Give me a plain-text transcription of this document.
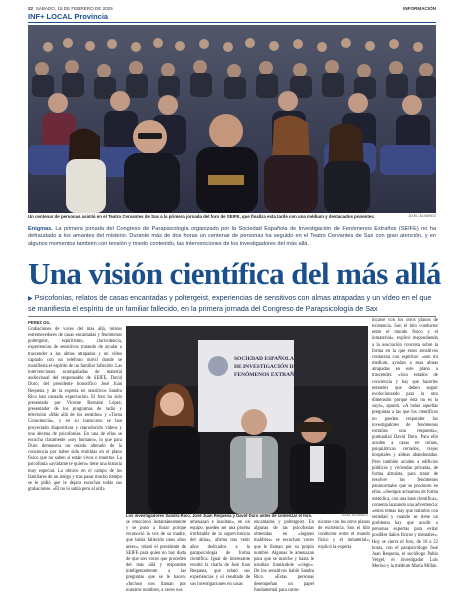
22 SÁBADO, 15 DE FEBRERO DE 2025	INFORMACIÓN
INF+ LOCAL Provincia
Un centenar de personas asistió en el Teatro Cervantes de Sax a la primera jornada del foro de SEIFE, que finaliza esta tarde con una médium y destacados ponentes.	AXEL ÁLVAREZ
Enigmas. La primera jornada del Congreso de Parapsicología organizado por la Sociedad Española de Investigación de Fenómenos Extraños (SEIFE) no ha defraudado a los amantes del misterio. Durante más de dos horas un centenar de personas ha seguido en el Teatro Cervantes de Sax con gran atención, y en algunos momentos también con tensión y miedo contenido, las intervenciones de los investigadores del más allá.
Una visión científica del más allá
▶ Psicofonías, relatos de casas encantadas y poltergeist, experiencias de sensitivos con almas atrapadas y un vídeo en el que se manifiesta el espíritu de un familiar fallecido, en la primera jornada del Congreso de Parapsicología de Sax
PEREZ GIL

Grabaciones de voces del más allá, relatos estremecedores de casas encantadas y fenómenos poltergeist, espiritismo, clarividencia, experiencias de sensitivos tratando de ayudar a trascender a las almas atrapadas y un vídeo captado con un teléfono móvil donde se manifiesta el espíritu de un familiar fallecido. Las intervenciones acompañadas de material audiovisual del responsable de SEIFE, David Duro; del presidente honorífico José Juan Requena y de la experta en sensitivos Sandra Rico han causado expectación. El foro ha sido presentado por Vicente Bernabé López, presentador de los programas de radio y televisión «Más allá de los sentidos» y «Toma Consciencia», y en su transcurso se han proyectado diapositivas y reproducido vídeos y una decena de psicofonías. En una de ellas se escucha claramente «soy humano», lo que para Duro demuestra un estado alterado de la conciencia por haber sido emitidas en el plano físico que no saben si están vivos o muertos. La psicofonía «ayúdame te quiero» tiene una historia muy especial. La obtuvo en el campo de los familiares de un amigo y tras pasar mucho tiempo se le pidió que le dejara escuchar todas sus grabaciones. «Él no lo sabía pero al oírla

SOCIEDAD ESPAÑOLA
DE INVESTIGACIÓN DE
FENÓMENOS EXTRAÑOS
Los investigadores Sandra Rico, José Juan Requena y David Duro antes de comenzar el foro.	AXEL ÁLVAREZ

se emocionó instantáneamente y se puso a llorar porque reconoció la voz de su madre, que había fallecido unos años antes», relató el presidente de SEIFE para quien no hay duda de que son voces que proceden del más allá y responden inteligentemente a las preguntas que se le hacen. «Incluso nos llaman por nuestros nombres, a veces nos

amenazan e insultan», en un equipo, pueden ser una prueba irrefutable de la supervivencia del alma», afirma tras venir años dedicados a la parapsicología de forma científica. Igual de interesante resultó la charla de José Juan Requena, que relató sus experiencias y el resultado de sus investigaciones en casas

encantadas y poltergeist. En algunas de las psicofonías obtenidas en «lugares malditos» se escuchan voces que le llaman por su propio nombre. Algunas le amenazan para que se marche y hasta le insultan llamándole «ciego». De los sensitivos habló Sandra Rico. «Estas personas desempeñan un papel fundamental para comu-

nicarse con los otros planos de existencia. Son el hilo conductor entre el mundo físico y el inmaterial», explicó la experta

nicarse con los otros planos de existencia. Son el hilo conductor entre el mundo físico y el inmaterial», explicó respondiendo a la asociación concreta sobre la forma en la que estos sensitivos contactan con espíritus: «son mi medium, ayudan a esas almas atrapadas en este plano a trascender. «Son estados de conciencia y hay que hacerles entender que deben seguir evolucionando para la otra dimensión porque ésta no es la suya», apuntó. «A todas aquellas preguntas a las que los científicos no pueden responder los investigadores de fenómenos extraños una respuesta», puntualizó David Duro. Para ello acuden a casas en ruinas, psiquiátricos cerrados, viejos hospitales y aldeas abandonadas. Pero también acuden a edificios públicos y viviendas privadas, de forma altruista, para tratar de resolver los fenómenos paranormales que se producen en ellas. «Siempre actuamos de forma metódica, con una base científica», comenta lanzando una advertencia: «estos temas hay que tratarlos con seriedad y cuando se tiene un problema hay que acudir a personas expertas para evitar posibles daños físicos y mentales». Hoy se cierra el foro, de 18 a 22 horas, con el parapsicólogo José Juan Requena, el sociólogo Pablo Vergel, el investigador Luis Merino y la médium María Millán.
